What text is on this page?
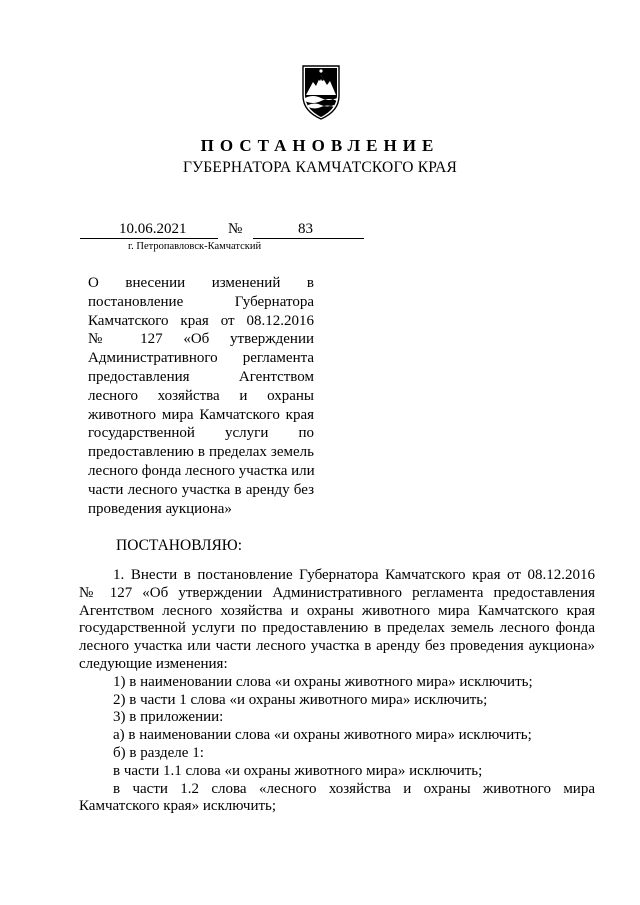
ПОСТАНОВЛЕНИЕ
ГУБЕРНАТОРА КАМЧАТСКОГО КРАЯ
10.06.2021	№	83
г. Петропавловск-Камчатский
О внесении изменений в
постановление Губернатора
Камчатского края от 08.12.2016
№ 127 «Об утверждении
Административного регламента
предоставления Агентством
лесного хозяйства и охраны
животного мира Камчатского края
государственной услуги по
предоставлению в пределах земель
лесного фонда лесного участка или
части лесного участка в аренду без
проведения аукциона»
ПОСТАНОВЛЯЮ:
1. Внести в постановление Губернатора Камчатского края от 08.12.2016
№ 127 «Об утверждении Административного регламента предоставления
Агентством лесного хозяйства и охраны животного мира Камчатского края
государственной услуги по предоставлению в пределах земель лесного фонда
лесного участка или части лесного участка в аренду без проведения аукциона»
следующие изменения:
1) в наименовании слова «и охраны животного мира» исключить;
2) в части 1 слова «и охраны животного мира» исключить;
3) в приложении:
а) в наименовании слова «и охраны животного мира» исключить;
б) в разделе 1:
в части 1.1 слова «и охраны животного мира» исключить;
в части 1.2 слова «лесного хозяйства и охраны животного мира
Камчатского края» исключить;
